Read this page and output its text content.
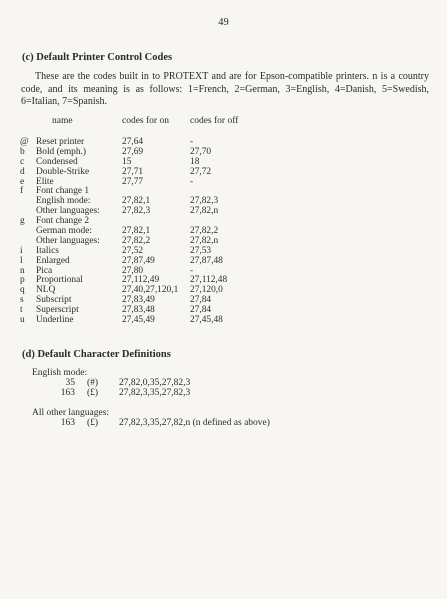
49
(c) Default Printer Control Codes
These are the codes built in to PROTEXT and are for Epson-compatible printers. n is a country code, and its meaning is as follows: 1=French, 2=German, 3=English, 4=Danish, 5=Swedish, 6=Italian, 7=Spanish.
name	codes for on codes for off
@ Reset printer	27,64	-
b	Bold (emph.)	27,69	27,70
c	Condensed	15	18
d	Double-Strike	27,71	27,72
e	Elite	27,77	-
f	Font change 1
English mode:	27,82,1	27,82,3
Other languages: 27,82,3	27,82,n
g	Font change 2
German mode:	27,82,1	27,82,2
Other languages: 27,82,2	27,82,n
i	Italics	27,52	27,53
l	Enlarged	27,87,49	27,87,48
n	Pica	27,80	-
p	Proportional	27,112,49	27,112,48
q	NLQ	27,40,27,120,1 27,120,0
s	Subscript	27,83,49	27,84
t	Superscript	27,83,48	27,84
u	Underline	27,45,49	27,45,48
(d) Default Character Definitions
English mode:
35 (#) 27,82,0,35,27,82,3
163 (£) 27,82,3,35,27,82,3
All other languages:
163 (£) 27,82,3,35,27,82,n (n defined as above)
